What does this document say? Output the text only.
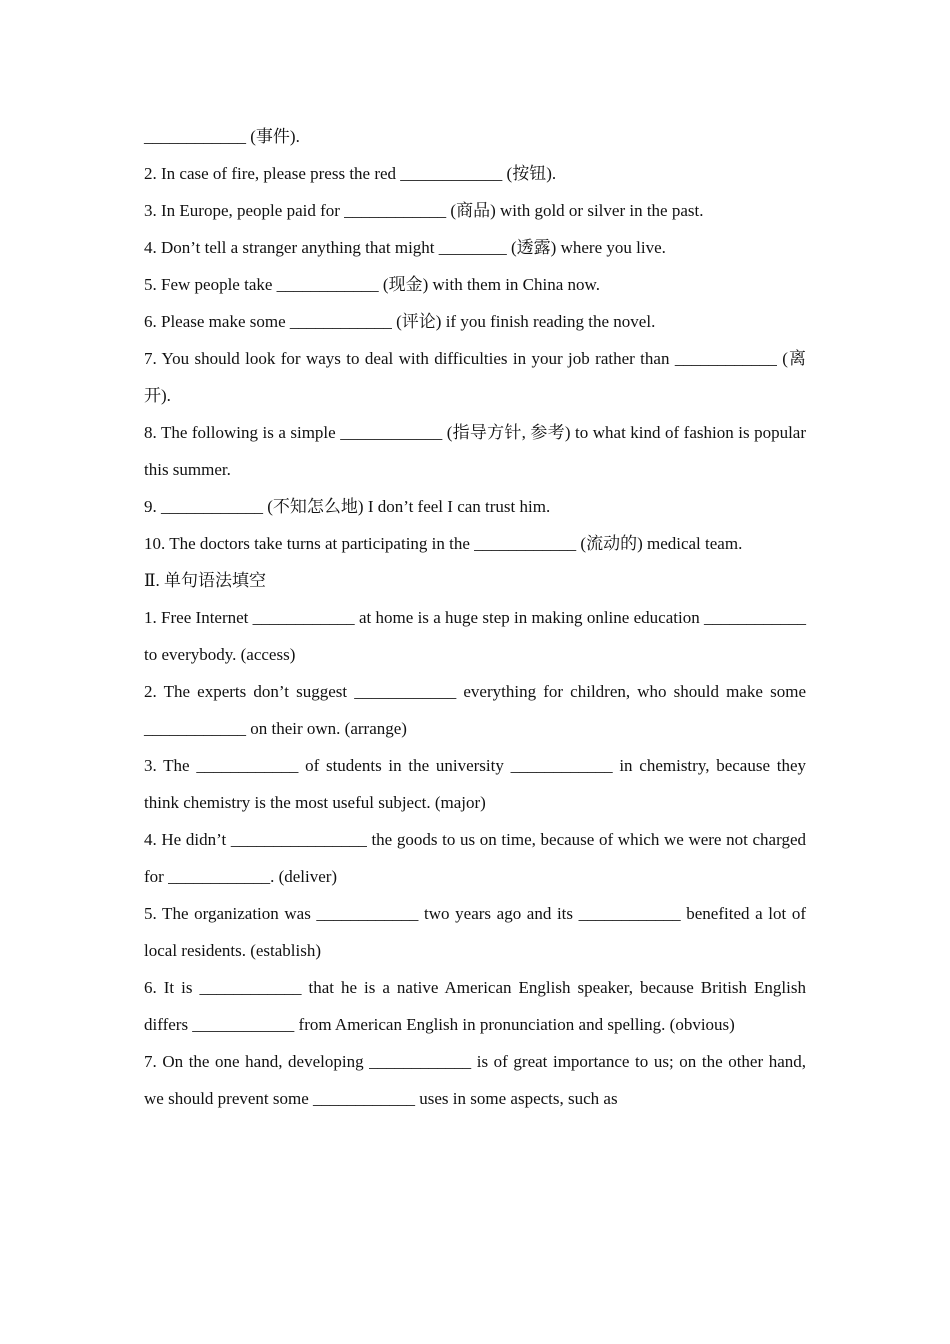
____________ (事件).

2. In case of fire, please press the red ____________ (按钮).

3. In Europe, people paid for ____________ (商品) with gold or silver in the past.

4. Don’t tell a stranger anything that might ________ (透露) where you live.

5. Few people take ____________ (现金) with them in China now.

6. Please make some ____________ (评论) if you finish reading the novel.

7. You should look for ways to deal with difficulties in your job rather than ____________ (离开).

8. The following is a simple ____________ (指导方针, 参考) to what kind of fashion is popular this summer.

9. ____________ (不知怎么地) I don’t feel I can trust him.

10. The doctors take turns at participating in the ____________ (流动的) medical team.

Ⅱ. 单句语法填空

1. Free Internet ____________ at home is a huge step in making online education ____________ to everybody. (access)

2. The experts don’t suggest ____________ everything for children, who should make some ____________ on their own. (arrange)

3. The ____________ of students in the university ____________ in chemistry, because they think chemistry is the most useful subject. (major)

4. He didn’t ________________ the goods to us on time, because of which we were not charged for ____________. (deliver)

5. The organization was ____________ two years ago and its ____________ benefited a lot of local residents. (establish)

6. It is ____________ that he is a native American English speaker, because British English differs ____________ from American English in pronunciation and spelling. (obvious)

7. On the one hand, developing ____________ is of great importance to us; on the other hand, we should prevent some ____________ uses in some aspects, such as
